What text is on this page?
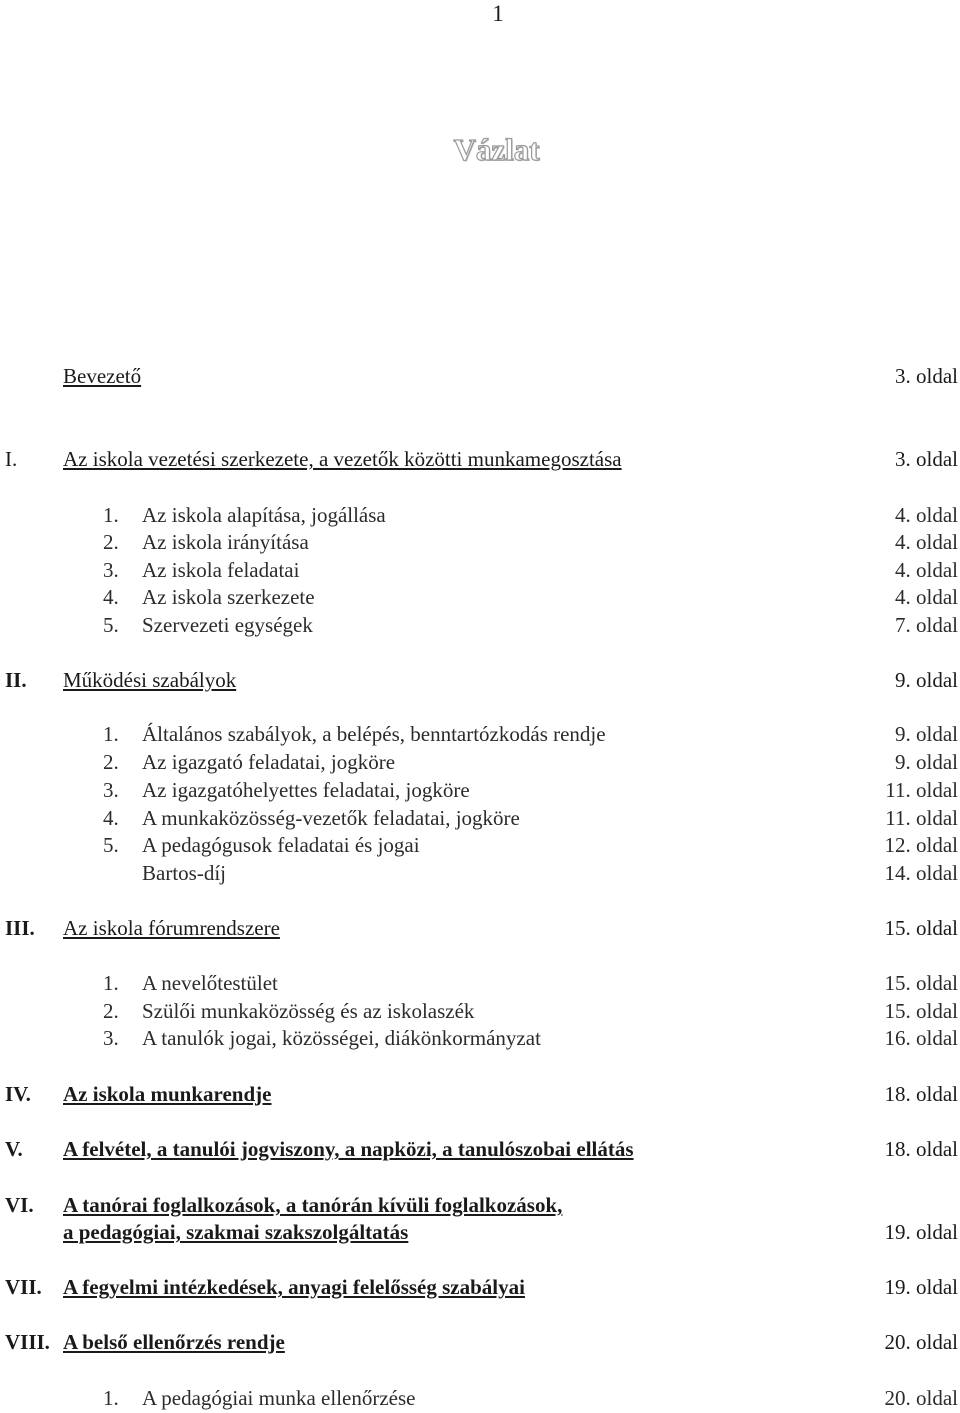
1
Vázlat
Bevezető	3. oldal
I. Az iskola vezetési szerkezete, a vezetők közötti munkamegosztása	3. oldal
1. Az iskola alapítása, jogállása	4. oldal
2. Az iskola irányítása	4. oldal
3. Az iskola feladatai	4. oldal
4. Az iskola szerkezete	4. oldal
5. Szervezeti egységek	7. oldal
II. Működési szabályok	9. oldal
1. Általános szabályok, a belépés, benntartózkodás rendje	9. oldal
2. Az igazgató feladatai, jogköre	9. oldal
3. Az igazgatóhelyettes feladatai, jogköre	11. oldal
4. A munkaközösség-vezetők feladatai, jogköre	11. oldal
5. A pedagógusok feladatai és jogai	12. oldal
Bartos-díj	14. oldal
III. Az iskola fórumrendszere	15. oldal
1. A nevelőtestület	15. oldal
2. Szülői munkaközösség és az iskolaszék	15. oldal
3. A tanulók jogai, közösségei, diákönkormányzat	16. oldal
IV. Az iskola munkarendje	18. oldal
V. A felvétel, a tanulói jogviszony, a napközi, a tanulószobai ellátás	18. oldal
VI. A tanórai foglalkozások, a tanórán kívüli foglalkozások,
a pedagógiai, szakmai szakszolgáltatás	19. oldal
VII. A fegyelmi intézkedések, anyagi felelősség szabályai	19. oldal
VIII. A belső ellenőrzés rendje	20. oldal
1. A pedagógiai munka ellenőrzése	20. oldal
